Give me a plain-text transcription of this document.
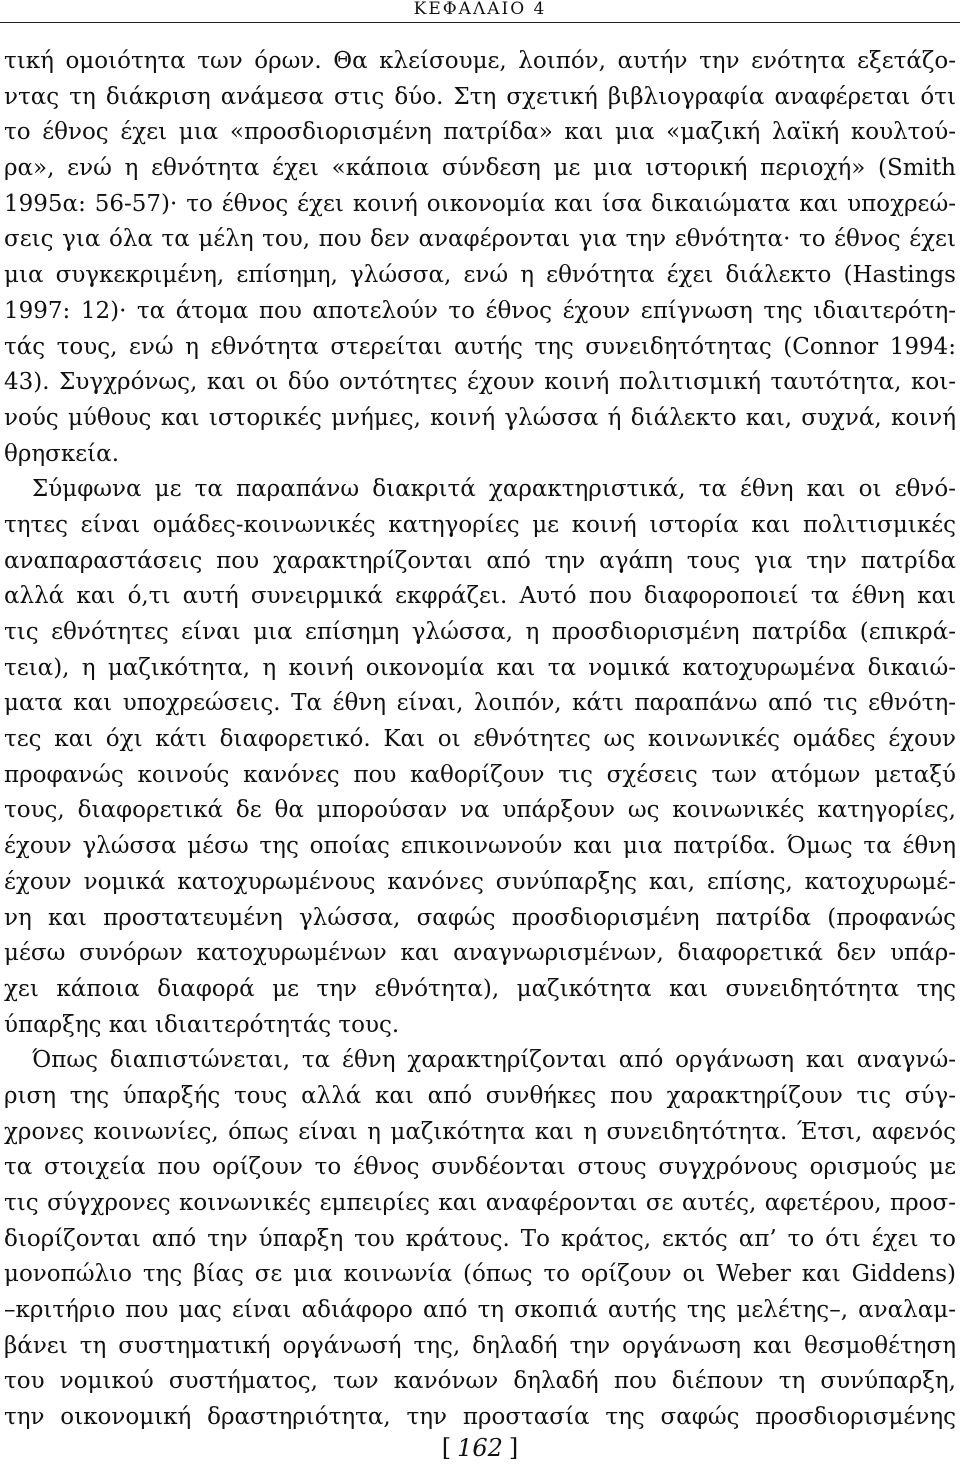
ΚΕΦΑΛΑΙΟ 4
τική ομοιότητα των όρων. Θα κλείσουμε, λοιπόν, αυτήν την ενότητα εξετάζο-
ντας τη διάκριση ανάμεσα στις δύο. Στη σχετική βιβλιογραφία αναφέρεται ότι
το έθνος έχει μια «προσδιορισμένη πατρίδα» και μια «μαζική λαϊκή κουλτού-
ρα», ενώ η εθνότητα έχει «κάποια σύνδεση με μια ιστορική περιοχή» (Smith
1995α: 56-57)· το έθνος έχει κοινή οικονομία και ίσα δικαιώματα και υποχρεώ-
σεις για όλα τα μέλη του, που δεν αναφέρονται για την εθνότητα· το έθνος έχει
μια συγκεκριμένη, επίσημη, γλώσσα, ενώ η εθνότητα έχει διάλεκτο (Hastings
1997: 12)· τα άτομα που αποτελούν το έθνος έχουν επίγνωση της ιδιαιτερότη-
τάς τους, ενώ η εθνότητα στερείται αυτής της συνειδητότητας (Connor 1994:
43). Συγχρόνως, και οι δύο οντότητες έχουν κοινή πολιτισμική ταυτότητα, κοι-
νούς μύθους και ιστορικές μνήμες, κοινή γλώσσα ή διάλεκτο και, συχνά, κοινή
θρησκεία.
Σύμφωνα με τα παραπάνω διακριτά χαρακτηριστικά, τα έθνη και οι εθνό-
τητες είναι ομάδες-κοινωνικές κατηγορίες με κοινή ιστορία και πολιτισμικές
αναπαραστάσεις που χαρακτηρίζονται από την αγάπη τους για την πατρίδα
αλλά και ό,τι αυτή συνειρμικά εκφράζει. Αυτό που διαφοροποιεί τα έθνη και
τις εθνότητες είναι μια επίσημη γλώσσα, η προσδιορισμένη πατρίδα (επικρά-
τεια), η μαζικότητα, η κοινή οικονομία και τα νομικά κατοχυρωμένα δικαιώ-
ματα και υποχρεώσεις. Τα έθνη είναι, λοιπόν, κάτι παραπάνω από τις εθνότη-
τες και όχι κάτι διαφορετικό. Και οι εθνότητες ως κοινωνικές ομάδες έχουν
προφανώς κοινούς κανόνες που καθορίζουν τις σχέσεις των ατόμων μεταξύ
τους, διαφορετικά δε θα μπορούσαν να υπάρξουν ως κοινωνικές κατηγορίες,
έχουν γλώσσα μέσω της οποίας επικοινωνούν και μια πατρίδα. Όμως τα έθνη
έχουν νομικά κατοχυρωμένους κανόνες συνύπαρξης και, επίσης, κατοχυρωμέ-
νη και προστατευμένη γλώσσα, σαφώς προσδιορισμένη πατρίδα (προφανώς
μέσω συνόρων κατοχυρωμένων και αναγνωρισμένων, διαφορετικά δεν υπάρ-
χει κάποια διαφορά με την εθνότητα), μαζικότητα και συνειδητότητα της
ύπαρξης και ιδιαιτερότητάς τους.
Όπως διαπιστώνεται, τα έθνη χαρακτηρίζονται από οργάνωση και αναγνώ-
ριση της ύπαρξής τους αλλά και από συνθήκες που χαρακτηρίζουν τις σύγ-
χρονες κοινωνίες, όπως είναι η μαζικότητα και η συνειδητότητα. Έτσι, αφενός
τα στοιχεία που ορίζουν το έθνος συνδέονται στους συγχρόνους ορισμούς με
τις σύγχρονες κοινωνικές εμπειρίες και αναφέρονται σε αυτές, αφετέρου, προσ-
διορίζονται από την ύπαρξη του κράτους. Το κράτος, εκτός απ’ το ότι έχει το
μονοπώλιο της βίας σε μια κοινωνία (όπως το ορίζουν οι Weber και Giddens)
–κριτήριο που μας είναι αδιάφορο από τη σκοπιά αυτής της μελέτης–, αναλαμ-
βάνει τη συστηματική οργάνωσή της, δηλαδή την οργάνωση και θεσμοθέτηση
του νομικού συστήματος, των κανόνων δηλαδή που διέπουν τη συνύπαρξη,
την οικονομική δραστηριότητα, την προστασία της σαφώς προσδιορισμένης
[ 162 ]
